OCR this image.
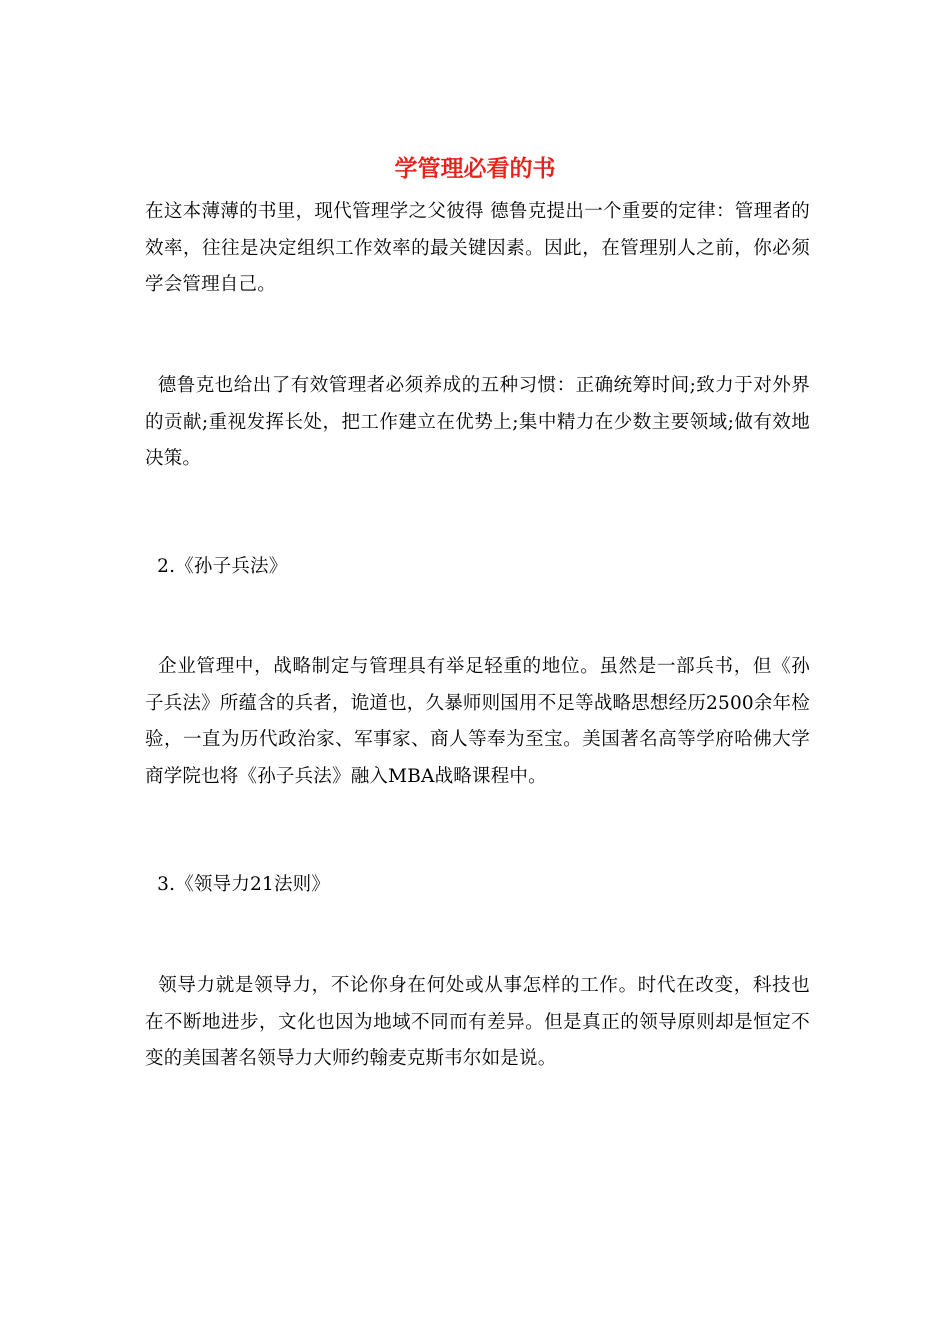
学管理必看的书

在这本薄薄的书里，现代管理学之父彼得 德鲁克提出一个重要的定律：管理者的效率，往往是决定组织工作效率的最关键因素。因此，在管理别人之前，你必须学会管理自己。

德鲁克也给出了有效管理者必须养成的五种习惯：正确统筹时间;致力于对外界的贡献;重视发挥长处，把工作建立在优势上;集中精力在少数主要领域;做有效地决策。

2.《孙子兵法》

企业管理中，战略制定与管理具有举足轻重的地位。虽然是一部兵书，但《孙子兵法》所蕴含的兵者，诡道也，久暴师则国用不足等战略思想经历2500余年检验，一直为历代政治家、军事家、商人等奉为至宝。美国著名高等学府哈佛大学商学院也将《孙子兵法》融入MBA战略课程中。

3.《领导力21法则》

领导力就是领导力，不论你身在何处或从事怎样的工作。时代在改变，科技也在不断地进步，文化也因为地域不同而有差异。但是真正的领导原则却是恒定不变的美国著名领导力大师约翰麦克斯韦尔如是说。
